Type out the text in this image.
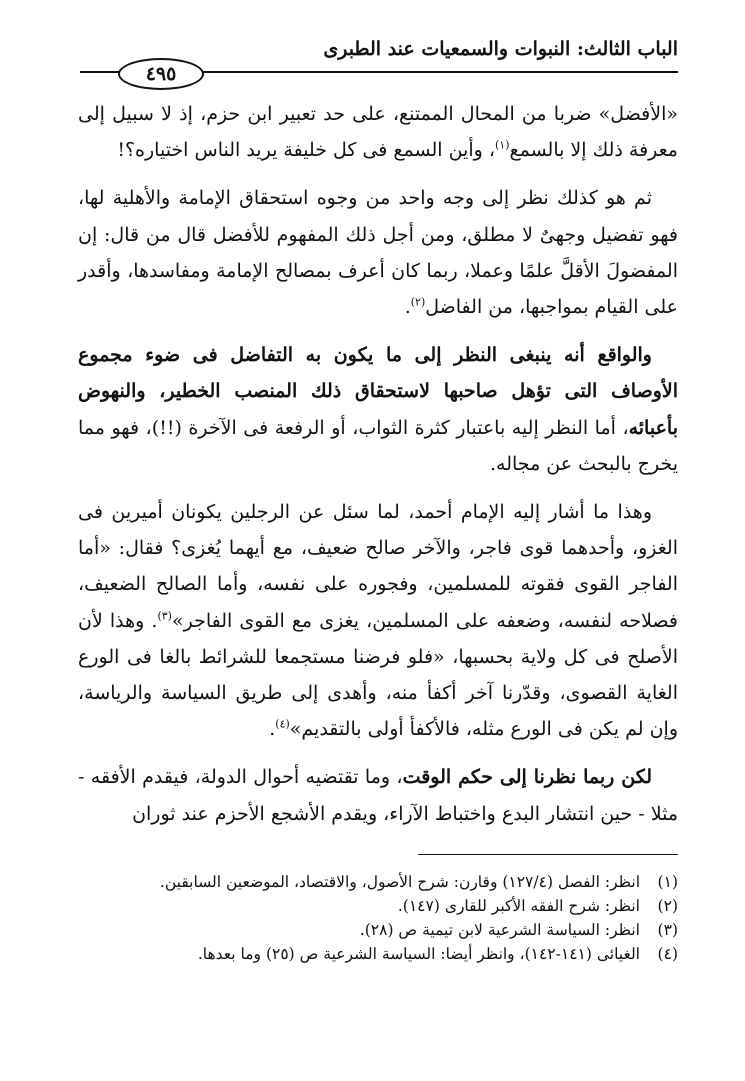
الباب الثالث: النبوات والسمعيات عند الطبرى
٤٩٥

«الأفضل» ضربا من المحال الممتنع، على حد تعبير ابن حزم، إذ لا سبيل إلى معرفة ذلك إلا بالسمع$^{(١)}$، وأين السمع فى كل خليفة يريد الناس اختياره؟!

ثم هو كذلك نظر إلى وجه واحد من وجوه استحقاق الإمامة والأهلية لها، فهو تفضيل وجهىٌ لا مطلق، ومن أجل ذلك المفهوم للأفضل قال من قال: إن المفضولَ الأقلَّ علمًا وعملا، ربما كان أعرف بمصالح الإمامة ومفاسدها، وأقدر على القيام بمواجبها، من الفاضل$^{(٢)}$.

والواقع أنه ينبغى النظر إلى ما يكون به التفاضل فى ضوء مجموع الأوصاف التى تؤهل صاحبها لاستحقاق ذلك المنصب الخطير، والنهوض بأعبائه، أما النظر إليه باعتبار كثرة الثواب، أو الرفعة فى الآخرة (!!)، فهو مما يخرج بالبحث عن مجاله.

وهذا ما أشار إليه الإمام أحمد، لما سئل عن الرجلين يكونان أميرين فى الغزو، وأحدهما قوى فاجر، والآخر صالح ضعيف، مع أيهما يُغزى؟ فقال: «أما الفاجر القوى فقوته للمسلمين، وفجوره على نفسه، وأما الصالح الضعيف، فصلاحه لنفسه، وضعفه على المسلمين، يغزى مع القوى الفاجر»$^{(٣)}$. وهذا لأن الأصلح فى كل ولاية بحسبها، «فلو فرضنا مستجمعا للشرائط بالغا فى الورع الغاية القصوى، وقدّرنا آخر أكفأ منه، وأهدى إلى طريق السياسة والرياسة، وإن لم يكن فى الورع مثله، فالأكفأ أولى بالتقديم»$^{(٤)}$.

لكن ربما نظرنا إلى حكم الوقت، وما تقتضيه أحوال الدولة، فيقدم الأفقه - مثلا - حين انتشار البدع واختباط الآراء، ويقدم الأشجع الأحزم عند ثوران

(١)
انظر: الفصل (١٢٧/٤) وقارن: شرح الأصول، والاقتصاد، الموضعين السابقين.
(٢)
انظر: شرح الفقه الأكبر للقارى (١٤٧).
(٣)
انظر: السياسة الشرعية لابن تيمية ص (٢٨).
(٤)
الغيائى (١٤١-١٤٢)، وانظر أيضا: السياسة الشرعية ص (٢٥) وما بعدها.
